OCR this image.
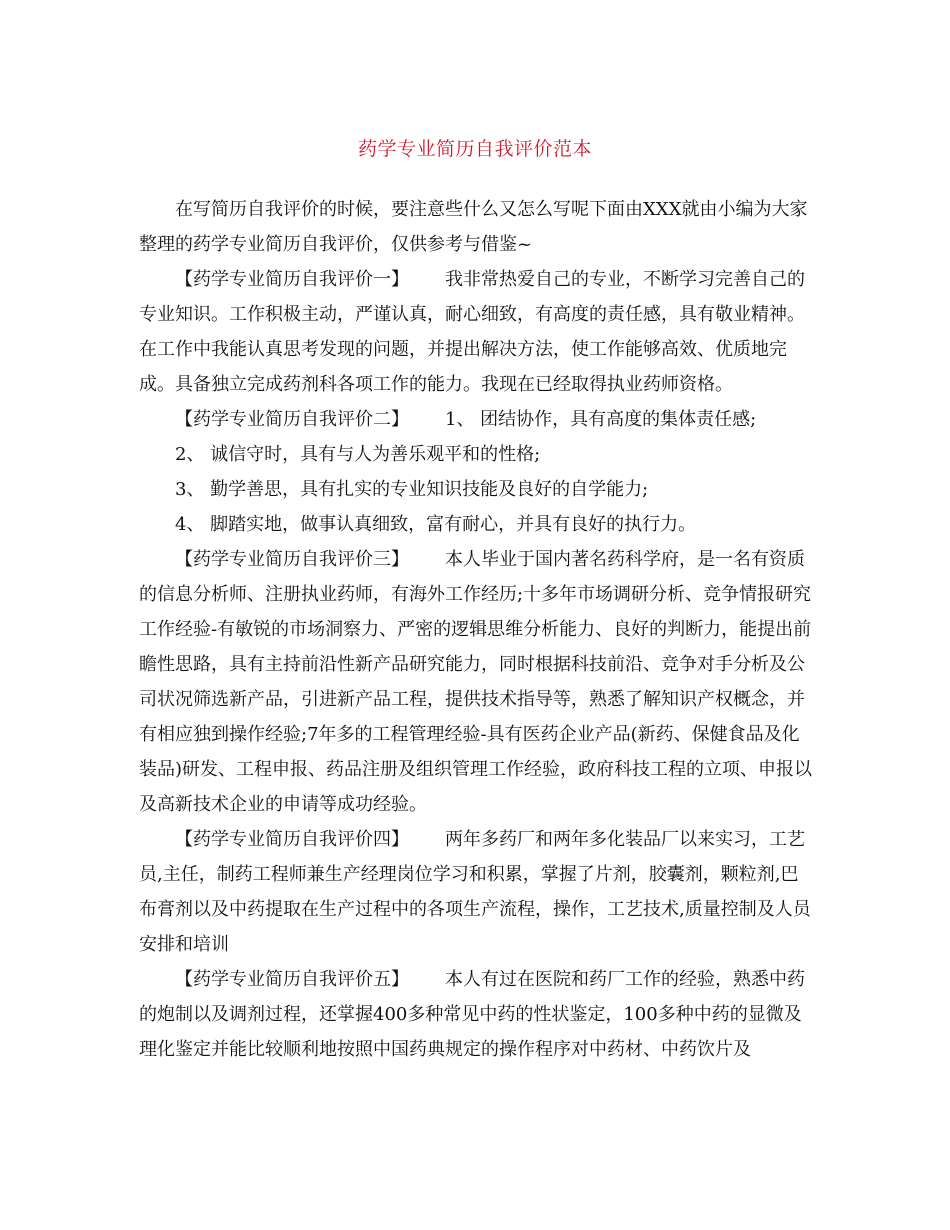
药学专业简历自我评价范本

在写简历自我评价的时候，要注意些什么又怎么写呢下面由XXX就由小编为大家整理的药学专业简历自我评价，仅供参考与借鉴~

【药学专业简历自我评价一】 我非常热爱自己的专业，不断学习完善自己的专业知识。工作积极主动，严谨认真，耐心细致，有高度的责任感，具有敬业精神。在工作中我能认真思考发现的问题，并提出解决方法，使工作能够高效、优质地完成。具备独立完成药剂科各项工作的能力。我现在已经取得执业药师资格。

【药学专业简历自我评价二】 1、 团结协作，具有高度的集体责任感;

2、 诚信守时，具有与人为善乐观平和的性格;

3、 勤学善思，具有扎实的专业知识技能及良好的自学能力;

4、 脚踏实地，做事认真细致，富有耐心，并具有良好的执行力。

【药学专业简历自我评价三】 本人毕业于国内著名药科学府，是一名有资质的信息分析师、注册执业药师，有海外工作经历;十多年市场调研分析、竞争情报研究工作经验-有敏锐的市场洞察力、严密的逻辑思维分析能力、良好的判断力，能提出前瞻性思路，具有主持前沿性新产品研究能力，同时根据科技前沿、竞争对手分析及公司状况筛选新产品，引进新产品工程，提供技术指导等，熟悉了解知识产权概念，并有相应独到操作经验;7年多的工程管理经验-具有医药企业产品(新药、保健食品及化装品)研发、工程申报、药品注册及组织管理工作经验，政府科技工程的立项、申报以及高新技术企业的申请等成功经验。

【药学专业简历自我评价四】 两年多药厂和两年多化装品厂以来实习，工艺员,主任，制药工程师兼生产经理岗位学习和积累，掌握了片剂，胶囊剂，颗粒剂,巴布膏剂以及中药提取在生产过程中的各项生产流程，操作，工艺技术,质量控制及人员安排和培训

【药学专业简历自我评价五】 本人有过在医院和药厂工作的经验，熟悉中药的炮制以及调剂过程，还掌握400多种常见中药的性状鉴定，100多种中药的显微及理化鉴定并能比较顺利地按照中国药典规定的操作程序对中药材、中药饮片及
